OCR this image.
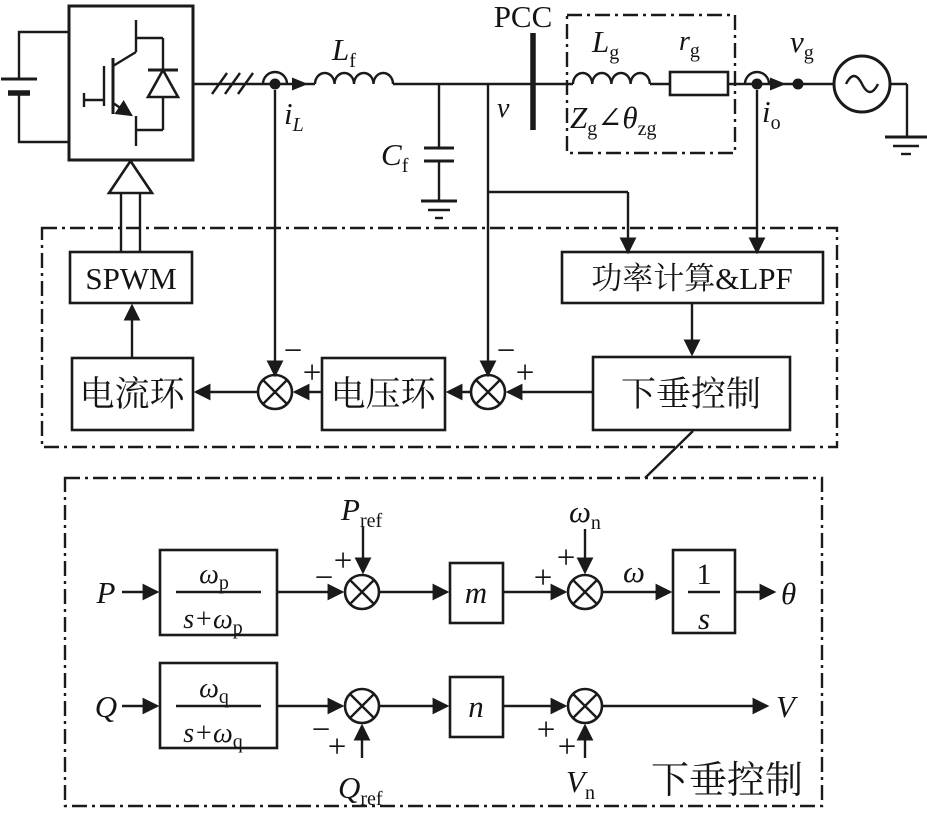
$i_L$
$L_f$
$C_f$
v
PCC
$L_g$ $r_g$
$Z_g\angle\theta_{zg}$	$i_o$
$v_g$
SPWM
电流环
−
+
电压环
−
+
功率计算&LPF
下垂控制
P
$\omega_p$
$s+\omega_p$
$P_{ref}$
+
−	m
$\omega_n$
+
+ ω 1
s
θ
Q
$\omega_q$
$s+\omega_q$ −
+
$Q_{ref}$
n
+ +
$V_n$
V
下垂控制
